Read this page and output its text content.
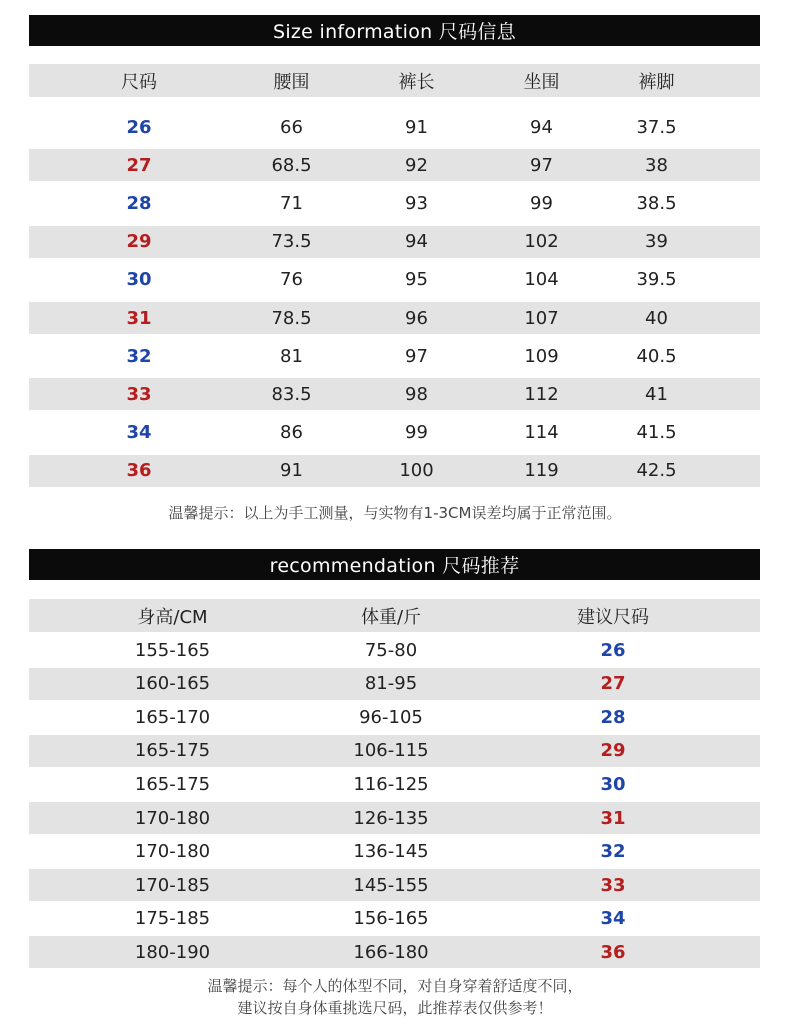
Size information 尺码信息
尺码	腰围	裤长	坐围	裤脚
26	66	91	94	37.5
27	68.5	92	97	38
28	71	93	99	38.5
29	73.5	94	102	39
30	76	95	104	39.5
31	78.5	96	107	40
32	81	97	109	40.5
33	83.5	98	112	41
34	86	99	114	41.5
36	91	100	119	42.5
温馨提示：以上为手工测量，与实物有1-3CM误差均属于正常范围。
recommendation 尺码推荐
身高/CM	体重/斤	建议尺码
155-165	75-80	26
160-165	81-95	27
165-170	96-105	28
165-175	106-115	29
165-175	116-125	30
170-180	126-135	31
170-180	136-145	32
170-185	145-155	33
175-185	156-165	34
180-190	166-180	36
温馨提示：每个人的体型不同，对自身穿着舒适度不同，
建议按自身体重挑选尺码，此推荐表仅供参考！
